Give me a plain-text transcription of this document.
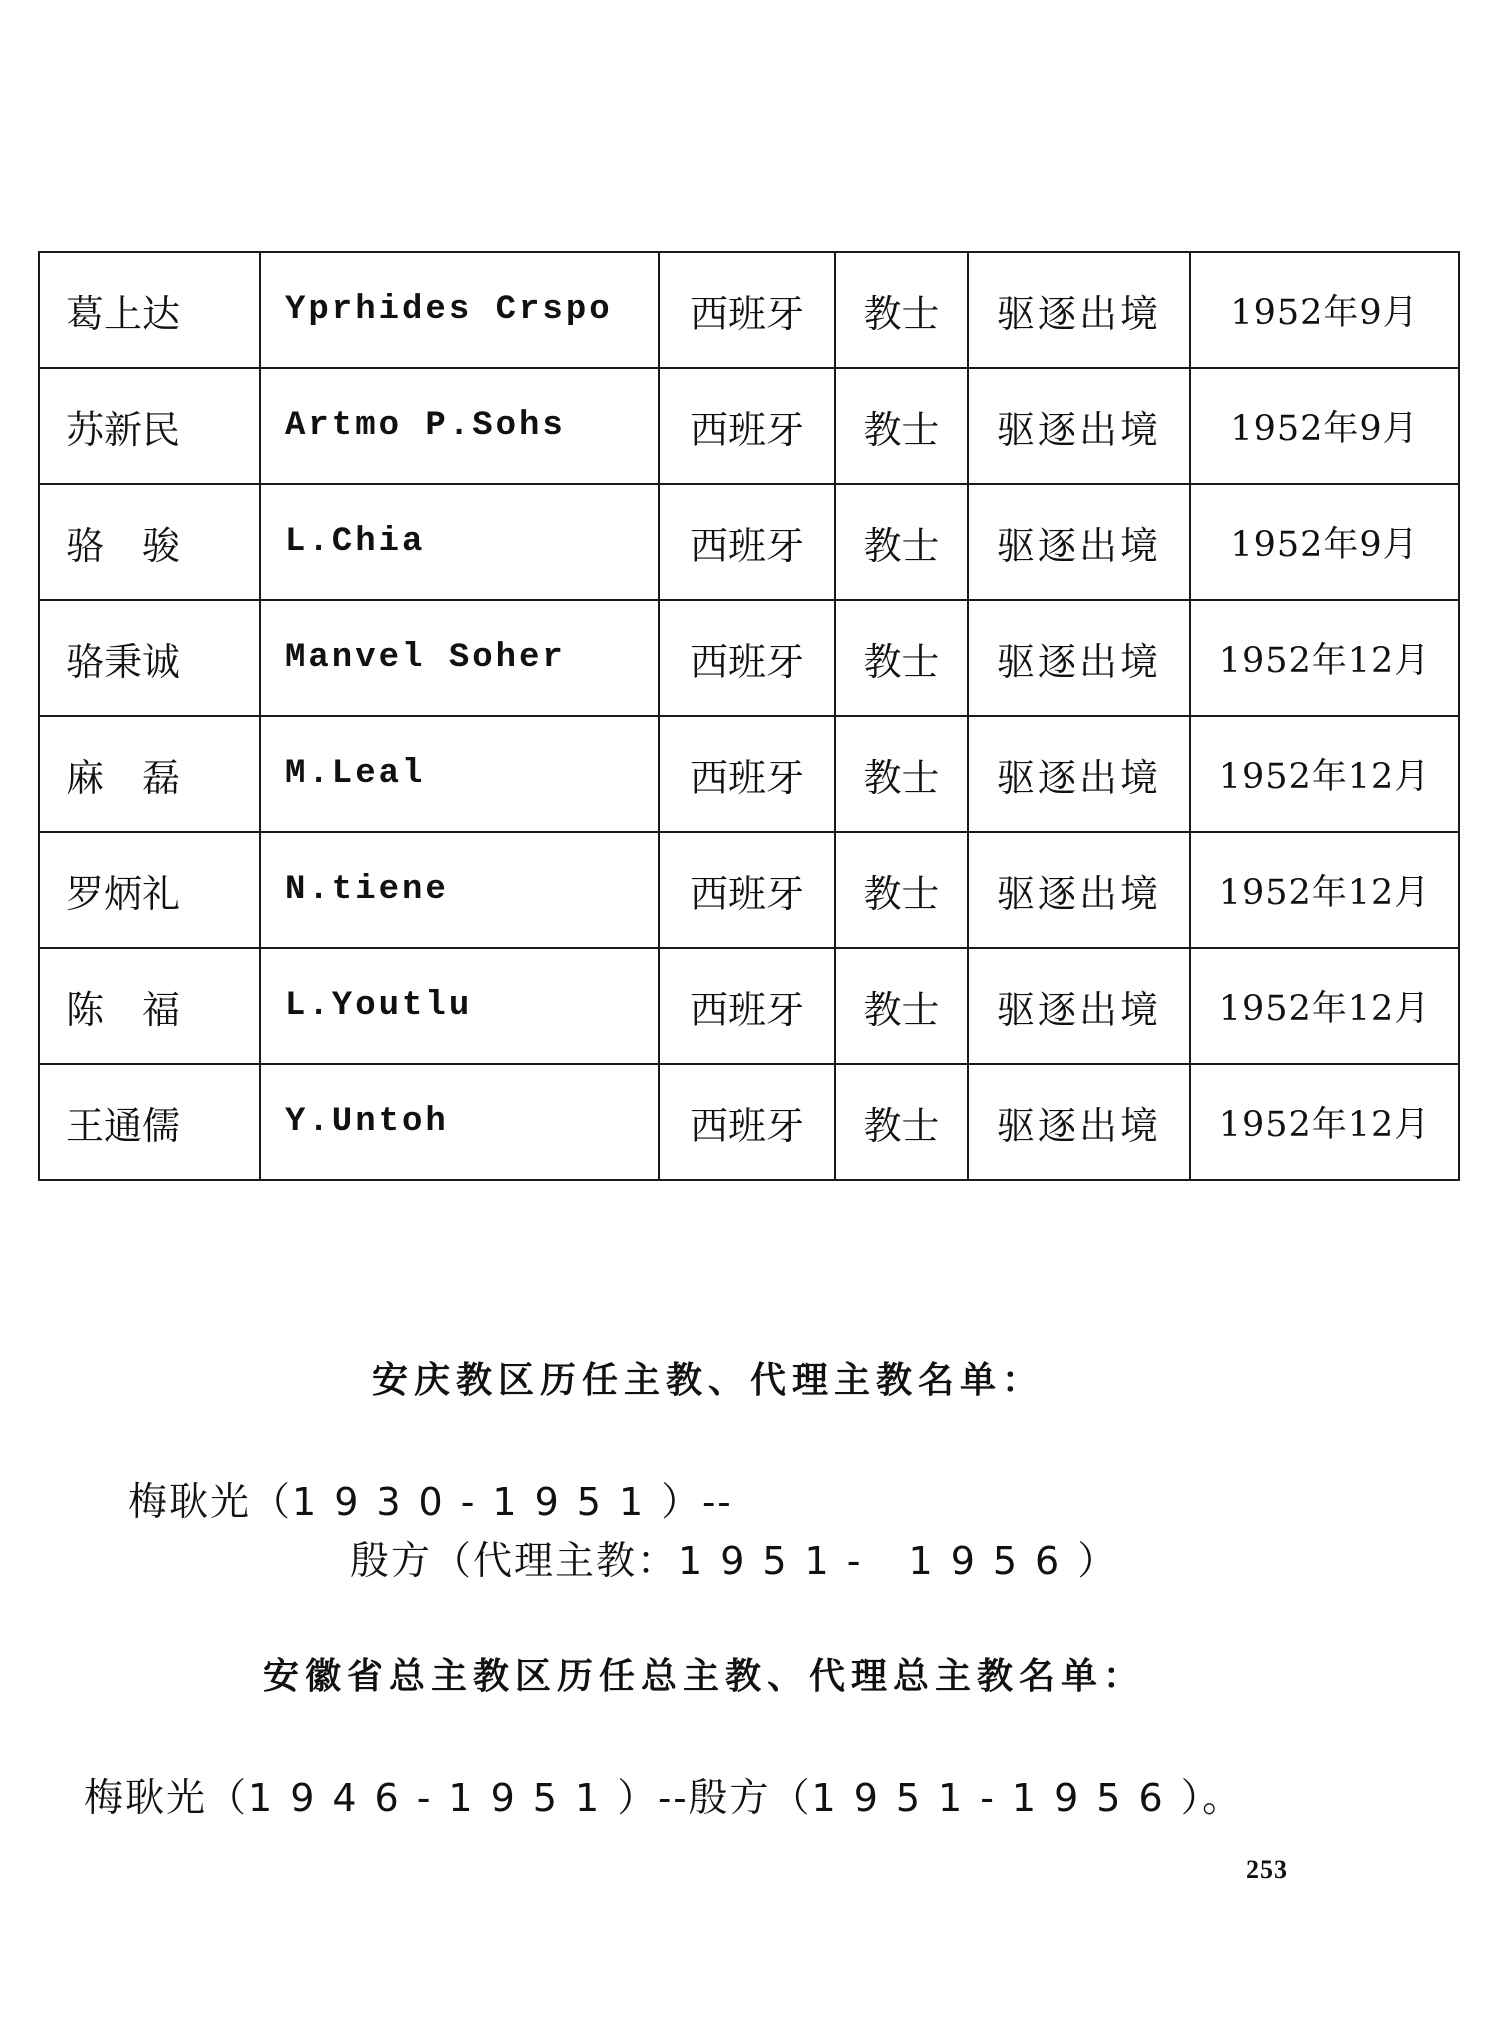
葛上达	Yprhides Crspo	西班牙	教士	驱逐出境	1952年9月
苏新民	Artmo P.Sohs	西班牙	教士	驱逐出境	1952年9月
骆　骏	L.Chia	西班牙	教士	驱逐出境	1952年9月
骆秉诚	Manvel Soher	西班牙	教士	驱逐出境	1952年12月
麻　磊	M.Leal	西班牙	教士	驱逐出境	1952年12月
罗炳礼	N.tiene	西班牙	教士	驱逐出境	1952年12月
陈　福	L.Youtlu	西班牙	教士	驱逐出境	1952年12月
王通儒	Y.Untoh	西班牙	教士	驱逐出境	1952年12月
安庆教区历任主教、代理主教名单：
梅耿光（1930-1951）--
殷方（代理主教：1951- 1956）
安徽省总主教区历任总主教、代理总主教名单：
梅耿光（1946-1951）--殷方（1951-1956）。
253
